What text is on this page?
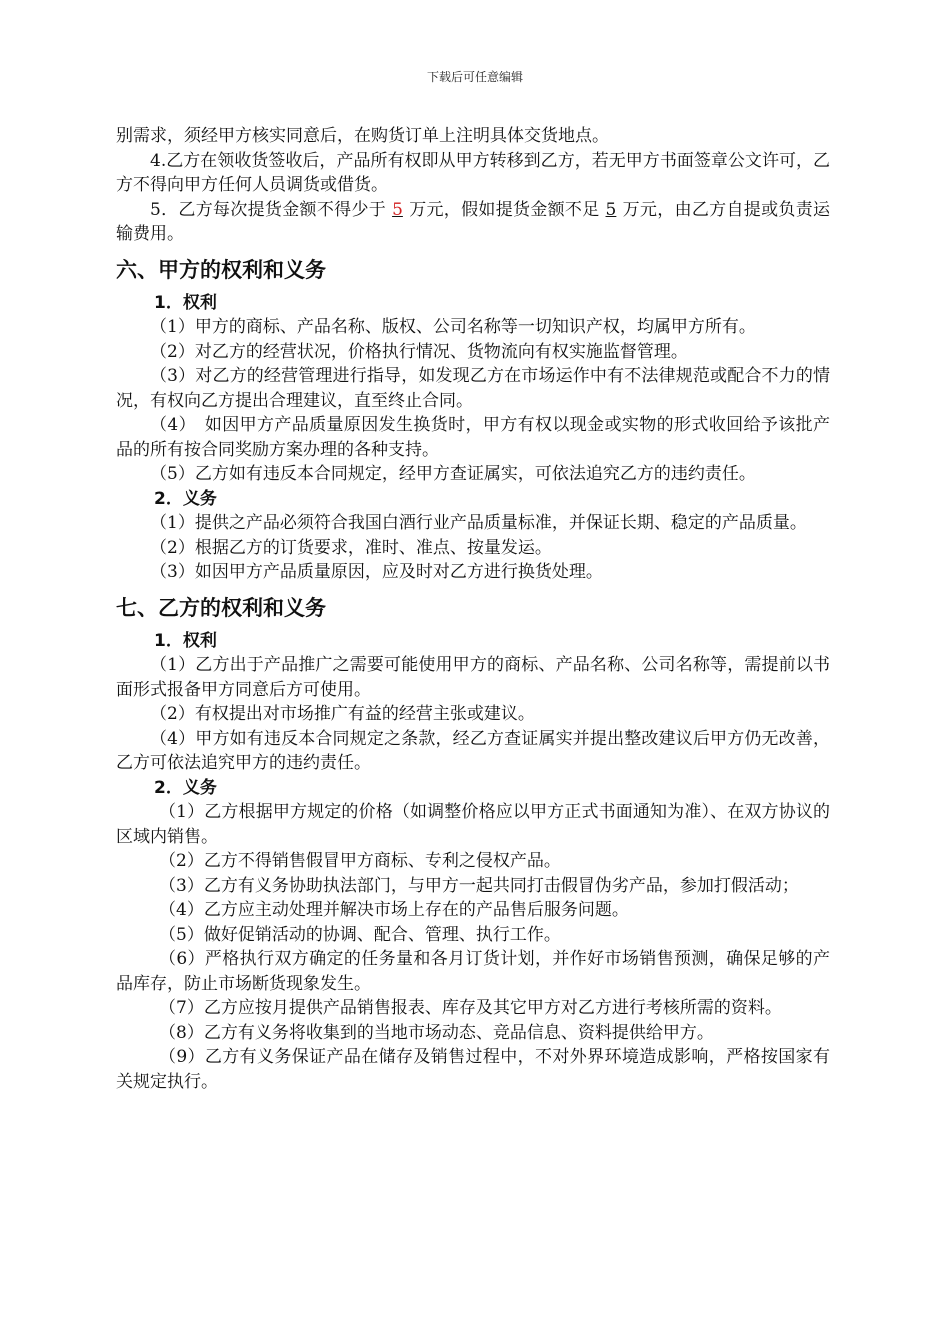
下载后可任意编辑

别需求，须经甲方核实同意后，在购货订单上注明具体交货地点。

4.乙方在领收货签收后，产品所有权即从甲方转移到乙方，若无甲方书面签章公文许可，乙方不得向甲方任何人员调货或借货。

5．乙方每次提货金额不得少于 5 万元，假如提货金额不足 5 万元，由乙方自提或负责运输费用。

六、甲方的权利和义务

1．权利

（1）甲方的商标、产品名称、版权、公司名称等一切知识产权，均属甲方所有。

（2）对乙方的经营状况，价格执行情况、货物流向有权实施监督管理。

（3）对乙方的经营管理进行指导，如发现乙方在市场运作中有不法律规范或配合不力的情况，有权向乙方提出合理建议，直至终止合同。

（4）　如因甲方产品质量原因发生换货时，甲方有权以现金或实物的形式收回给予该批产品的所有按合同奖励方案办理的各种支持。

（5）乙方如有违反本合同规定，经甲方查证属实，可依法追究乙方的违约责任。

2．义务

（1）提供之产品必须符合我国白酒行业产品质量标准，并保证长期、稳定的产品质量。

（2）根据乙方的订货要求，准时、准点、按量发运。

（3）如因甲方产品质量原因，应及时对乙方进行换货处理。

七、乙方的权利和义务

1．权利

（1）乙方出于产品推广之需要可能使用甲方的商标、产品名称、公司名称等，需提前以书面形式报备甲方同意后方可使用。

（2）有权提出对市场推广有益的经营主张或建议。

（4）甲方如有违反本合同规定之条款，经乙方查证属实并提出整改建议后甲方仍无改善，乙方可依法追究甲方的违约责任。

2．义务

（1）乙方根据甲方规定的价格（如调整价格应以甲方正式书面通知为准）、在双方协议的区域内销售。

（2）乙方不得销售假冒甲方商标、专利之侵权产品。

（3）乙方有义务协助执法部门，与甲方一起共同打击假冒伪劣产品，参加打假活动；

（4）乙方应主动处理并解决市场上存在的产品售后服务问题。

（5）做好促销活动的协调、配合、管理、执行工作。

（6）严格执行双方确定的任务量和各月订货计划，并作好市场销售预测，确保足够的产品库存，防止市场断货现象发生。

（7）乙方应按月提供产品销售报表、库存及其它甲方对乙方进行考核所需的资料。

（8）乙方有义务将收集到的当地市场动态、竞品信息、资料提供给甲方。

（9）乙方有义务保证产品在储存及销售过程中，不对外界环境造成影响，严格按国家有关规定执行。
